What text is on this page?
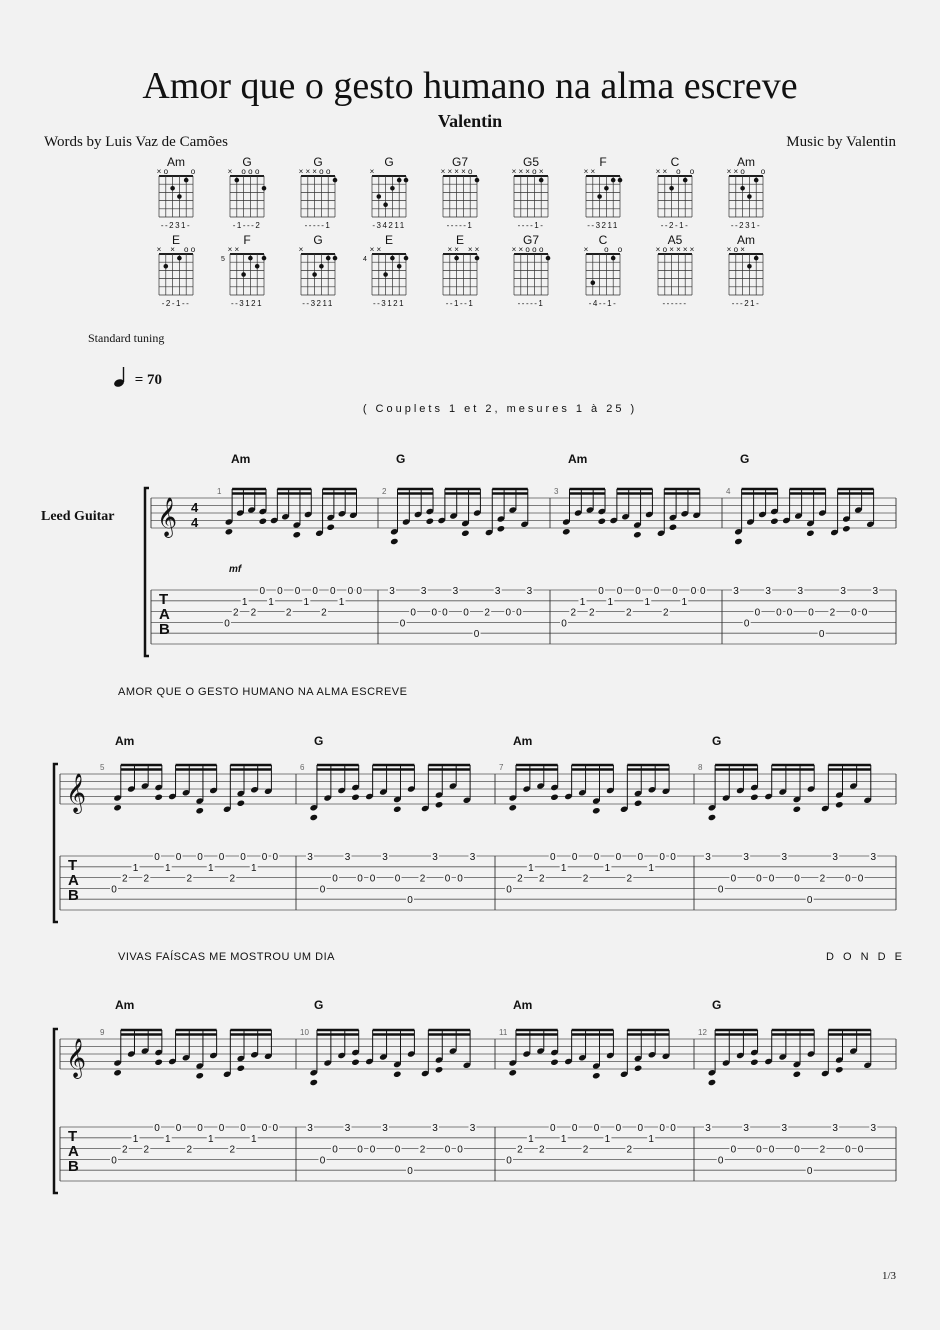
Amor que o gesto humano na alma escreve
Valentin
Words by Luis Vaz de Camões	Music by Valentin
Standard tuning
= 70
( Couplets 1 et 2, mesures 1 à 25 )
Leed Guitar
AMOR QUE O GESTO HUMANO NA ALMA ESCREVE
VIVAS FAÍSCAS ME MOSTROU UM DIA	D O N D E
Am
× o	o
--231-
G
× o o o
-1---2
G
× × × o o
-----1
G
×
-34211
G7
× × × × o
-----1
G5
× × × o ×
----1-
F
× ×
--3211
C
× × o o
--2-1-
Am
× × o o
--231-
E
× × o o
-2-1--
F
× ×
5
--3121
G
×
--3211
E
× ×
4
--3121
E
× × × ×
--1--1
G7
× × o o o
-----1
C
× o o
-4--1-
A5
× o × × × ×
------
Am
× o ×
---21-
𝄞 4
4
mf
T
A
B
1
Am
0
2
1
2
0
1
0
2
0
1
0
2
0
1
0 0
2
G
3
0
0
3
0 0
3
0
0
2
3
0 0
3
3
Am
0
2
1
2
0
1
0
2
0
1
0
2
0
1
0 0
4
G
3
0
0
3
0 0
3
0
0
2
3
0 0
3
𝄞
T
A
B
5
Am
0
2
1
2
0
1
0
2
0
1
0
2
0
1
0 0
6
G
3
0
0
3
0 0
3
0
0
2
3
0 0
3
7
Am
0
2
1
2
0
1
0
2
0
1
0
2
0
1
0 0
8
G
3
0
0
3
0 0
3
0
0
2
3
0 0
3
𝄞
T
A
B
9
Am
0
2
1
2
0
1
0
2
0
1
0
2
0
1
0 0
10
G
3
0
0
3
0 0
3
0
0
2
3
0 0
3
11
Am
0
2
1
2
0
1
0
2
0
1
0
2
0
1
0 0
12
G
3
0
0
3
0 0
3
0
0
2
3
0 0
3
1/3
